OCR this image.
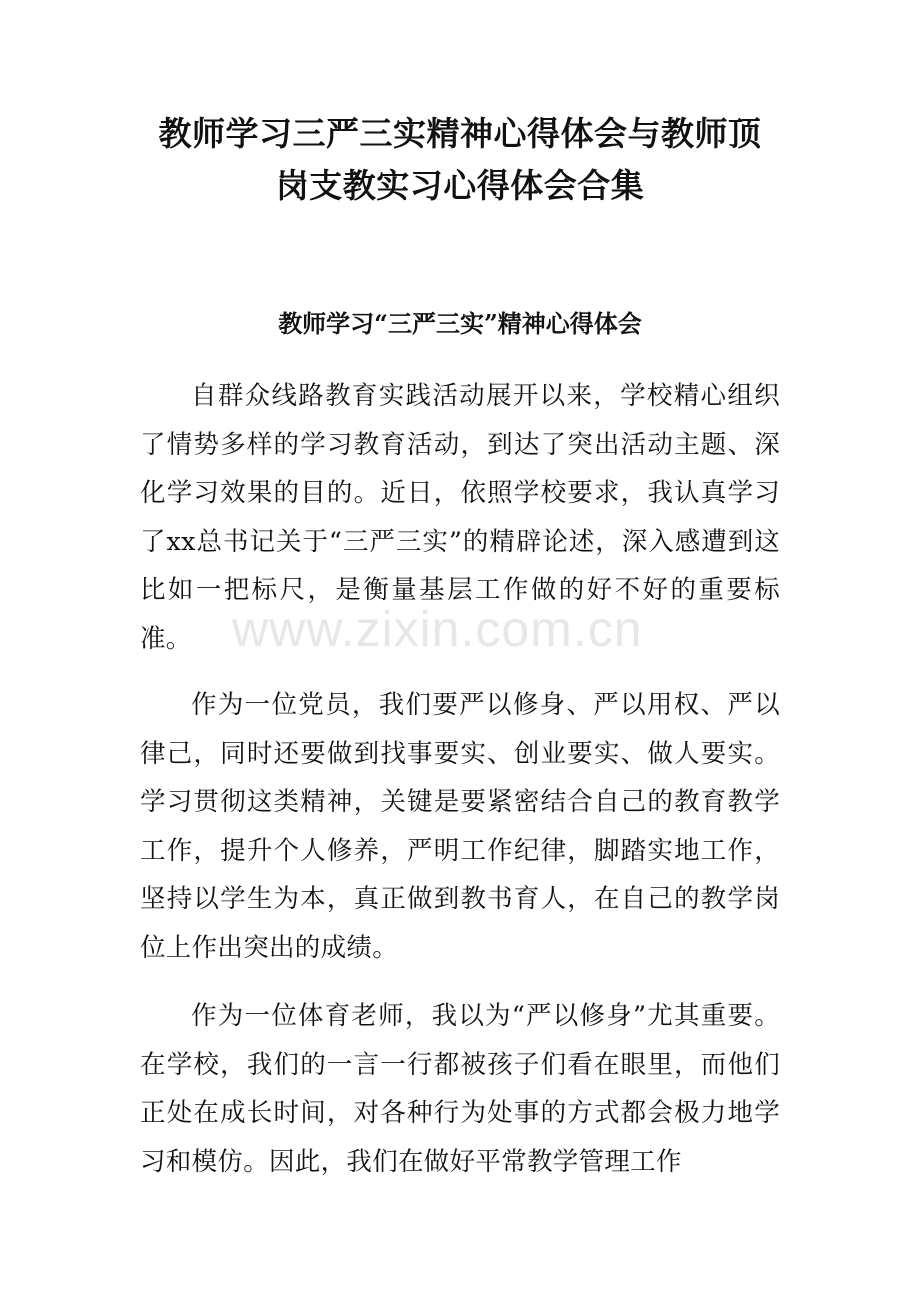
教师学习三严三实精神心得体会与教师顶
岗支教实习心得体会合集
教师学习“三严三实”精神心得体会

自群众线路教育实践活动展开以来，学校精心组织了情势多样的学习教育活动，到达了突出活动主题、深化学习效果的目的。近日，依照学校要求，我认真学习了xx总书记关于“三严三实”的精辟论述，深入感遭到这比如一把标尺，是衡量基层工作做的好不好的重要标准。

作为一位党员，我们要严以修身、严以用权、严以律己，同时还要做到找事要实、创业要实、做人要实。学习贯彻这类精神，关键是要紧密结合自己的教育教学工作，提升个人修养，严明工作纪律，脚踏实地工作，坚持以学生为本，真正做到教书育人，在自己的教学岗位上作出突出的成绩。

作为一位体育老师，我以为“严以修身”尤其重要。在学校，我们的一言一行都被孩子们看在眼里，而他们正处在成长时间，对各种行为处事的方式都会极力地学习和模仿。因此，我们在做好平常教学管理工作

www.zixin.com.cn
